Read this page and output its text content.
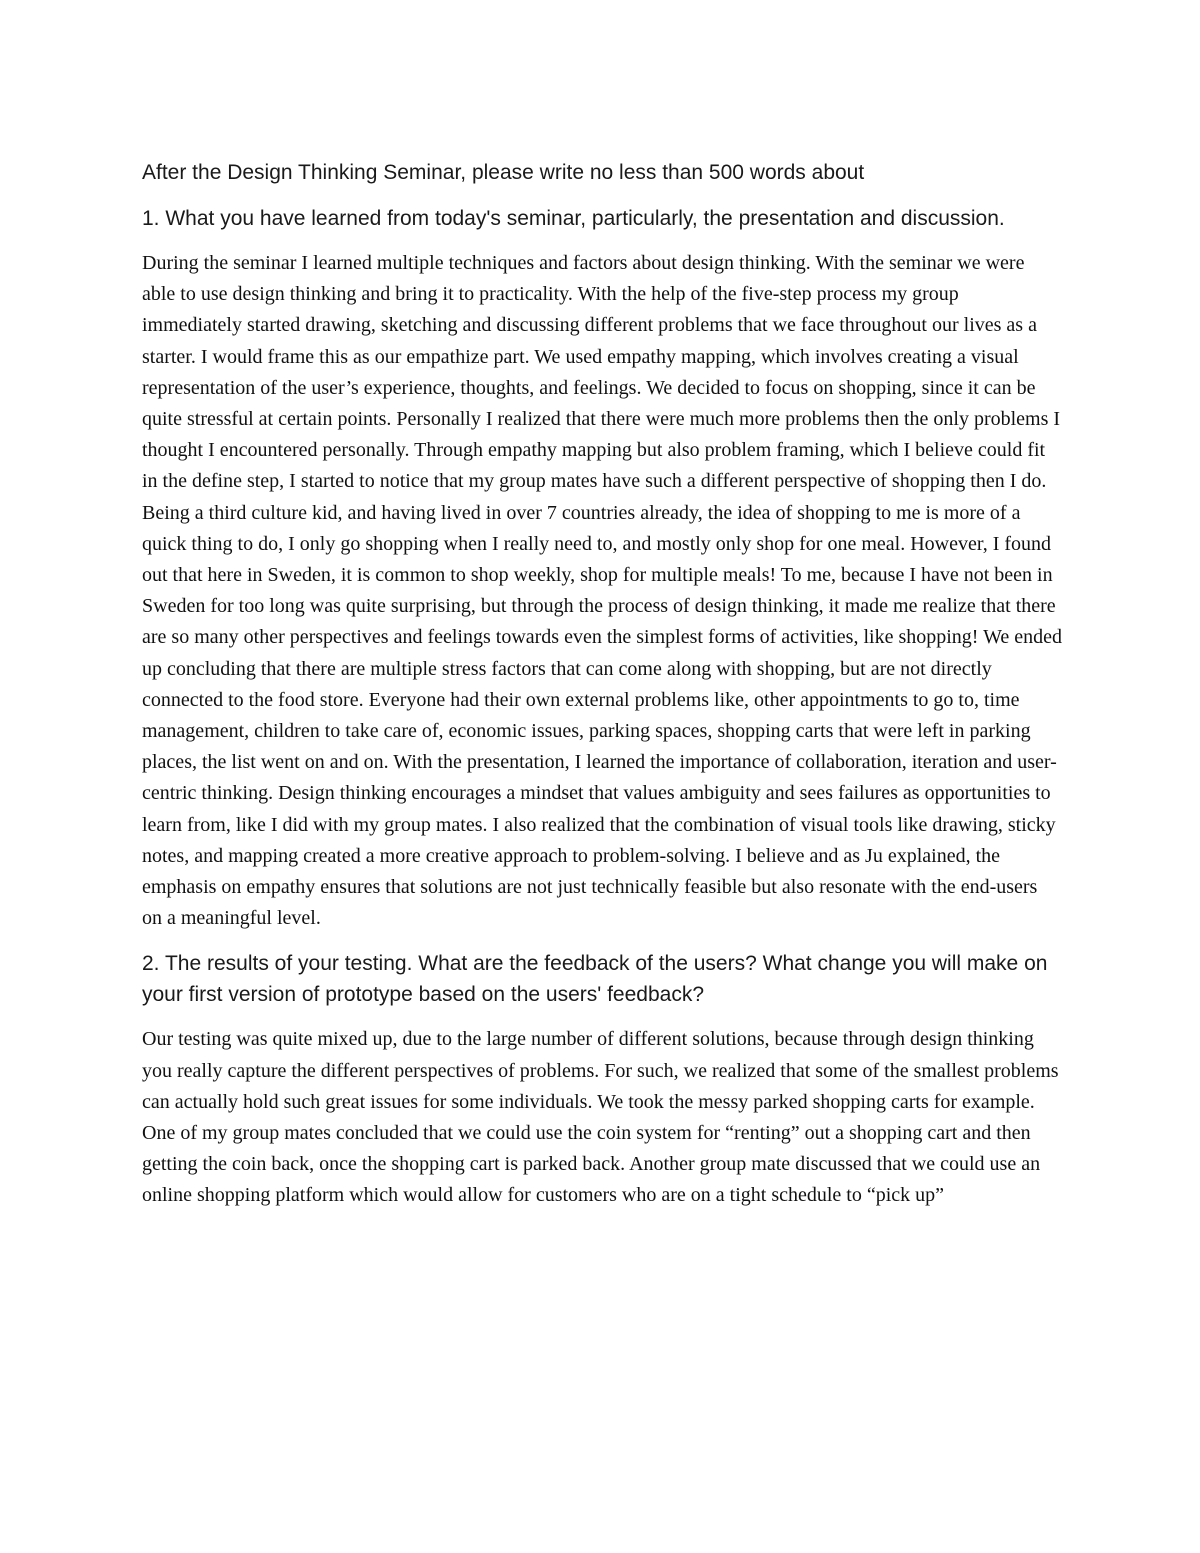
After the Design Thinking Seminar, please write no less than 500 words about

1. What you have learned from today's seminar, particularly, the presentation and discussion.

During the seminar I learned multiple techniques and factors about design thinking. With the seminar we were able to use design thinking and bring it to practicality. With the help of the five-step process my group immediately started drawing, sketching and discussing different problems that we face throughout our lives as a starter. I would frame this as our empathize part. We used empathy mapping, which involves creating a visual representation of the user’s experience, thoughts, and feelings. We decided to focus on shopping, since it can be quite stressful at certain points. Personally I realized that there were much more problems then the only problems I thought I encountered personally. Through empathy mapping but also problem framing, which I believe could fit in the define step, I started to notice that my group mates have such a different perspective of shopping then I do. Being a third culture kid, and having lived in over 7 countries already, the idea of shopping to me is more of a quick thing to do, I only go shopping when I really need to, and mostly only shop for one meal. However, I found out that here in Sweden, it is common to shop weekly, shop for multiple meals! To me, because I have not been in Sweden for too long was quite surprising, but through the process of design thinking, it made me realize that there are so many other perspectives and feelings towards even the simplest forms of activities, like shopping! We ended up concluding that there are multiple stress factors that can come along with shopping, but are not directly connected to the food store. Everyone had their own external problems like, other appointments to go to, time management, children to take care of, economic issues, parking spaces, shopping carts that were left in parking places, the list went on and on. With the presentation, I learned the importance of collaboration, iteration and user-centric thinking. Design thinking encourages a mindset that values ambiguity and sees failures as opportunities to learn from, like I did with my group mates. I also realized that the combination of visual tools like drawing, sticky notes, and mapping created a more creative approach to problem-solving. I believe and as Ju explained, the emphasis on empathy ensures that solutions are not just technically feasible but also resonate with the end-users on a meaningful level.

2. The results of your testing. What are the feedback of the users? What change you will make on your first version of prototype based on the users' feedback?

Our testing was quite mixed up, due to the large number of different solutions, because through design thinking you really capture the different perspectives of problems. For such, we realized that some of the smallest problems can actually hold such great issues for some individuals. We took the messy parked shopping carts for example. One of my group mates concluded that we could use the coin system for “renting” out a shopping cart and then getting the coin back, once the shopping cart is parked back. Another group mate discussed that we could use an online shopping platform which would allow for customers who are on a tight schedule to “pick up”
